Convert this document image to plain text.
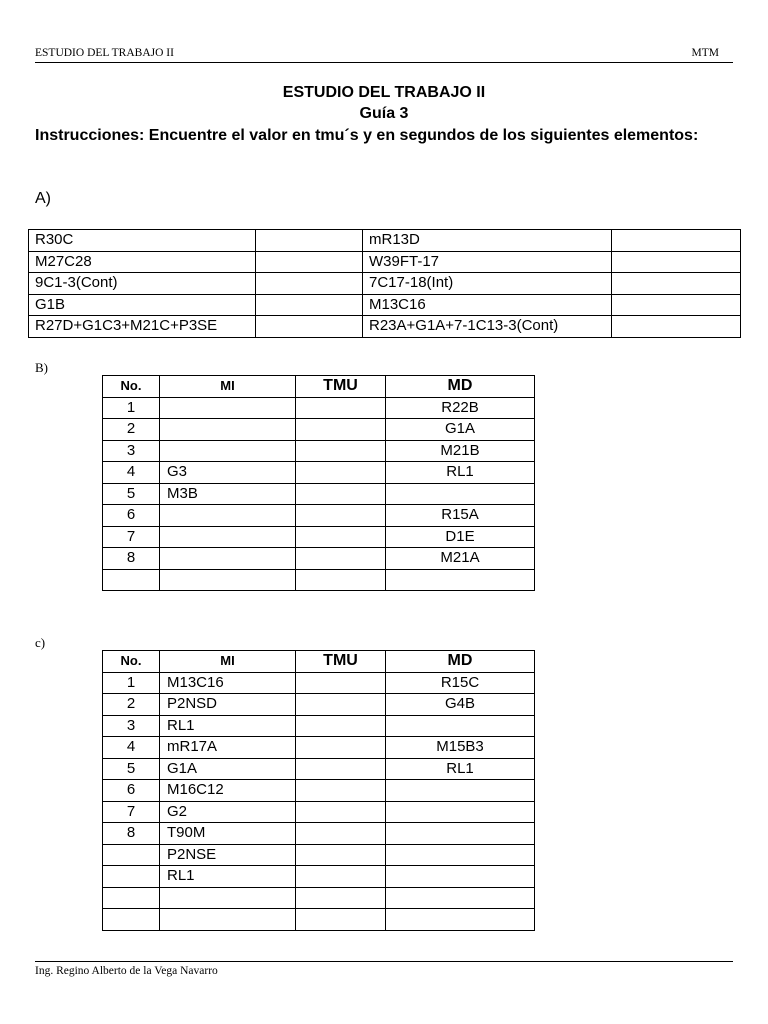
ESTUDIO DEL TRABAJO II	MTM
ESTUDIO DEL TRABAJO II
Guía 3

Instrucciones: Encuentre el valor en tmu´s y en segundos de los siguientes elementos:

A)

R30C		mR13D	
M27C28		W39FT-17	
9C1-3(Cont)		7C17-18(Int)	
G1B		M13C16	
R27D+G1C3+M21C+P3SE		R23A+G1A+7-1C13-3(Cont)	

B)

No.	MI	TMU	MD
1			R22B
2			G1A
3			M21B
4	G3		RL1
5	M3B		
6			R15A
7			D1E
8			M21A

c)

No.	MI	TMU	MD
1	M13C16		R15C
2	P2NSD		G4B
3	RL1		
4	mR17A		M15B3
5	G1A		RL1
6	M16C12		
7	G2		
8	T90M		
	P2NSE		
	RL1		

Ing. Regino Alberto de la Vega Navarro
